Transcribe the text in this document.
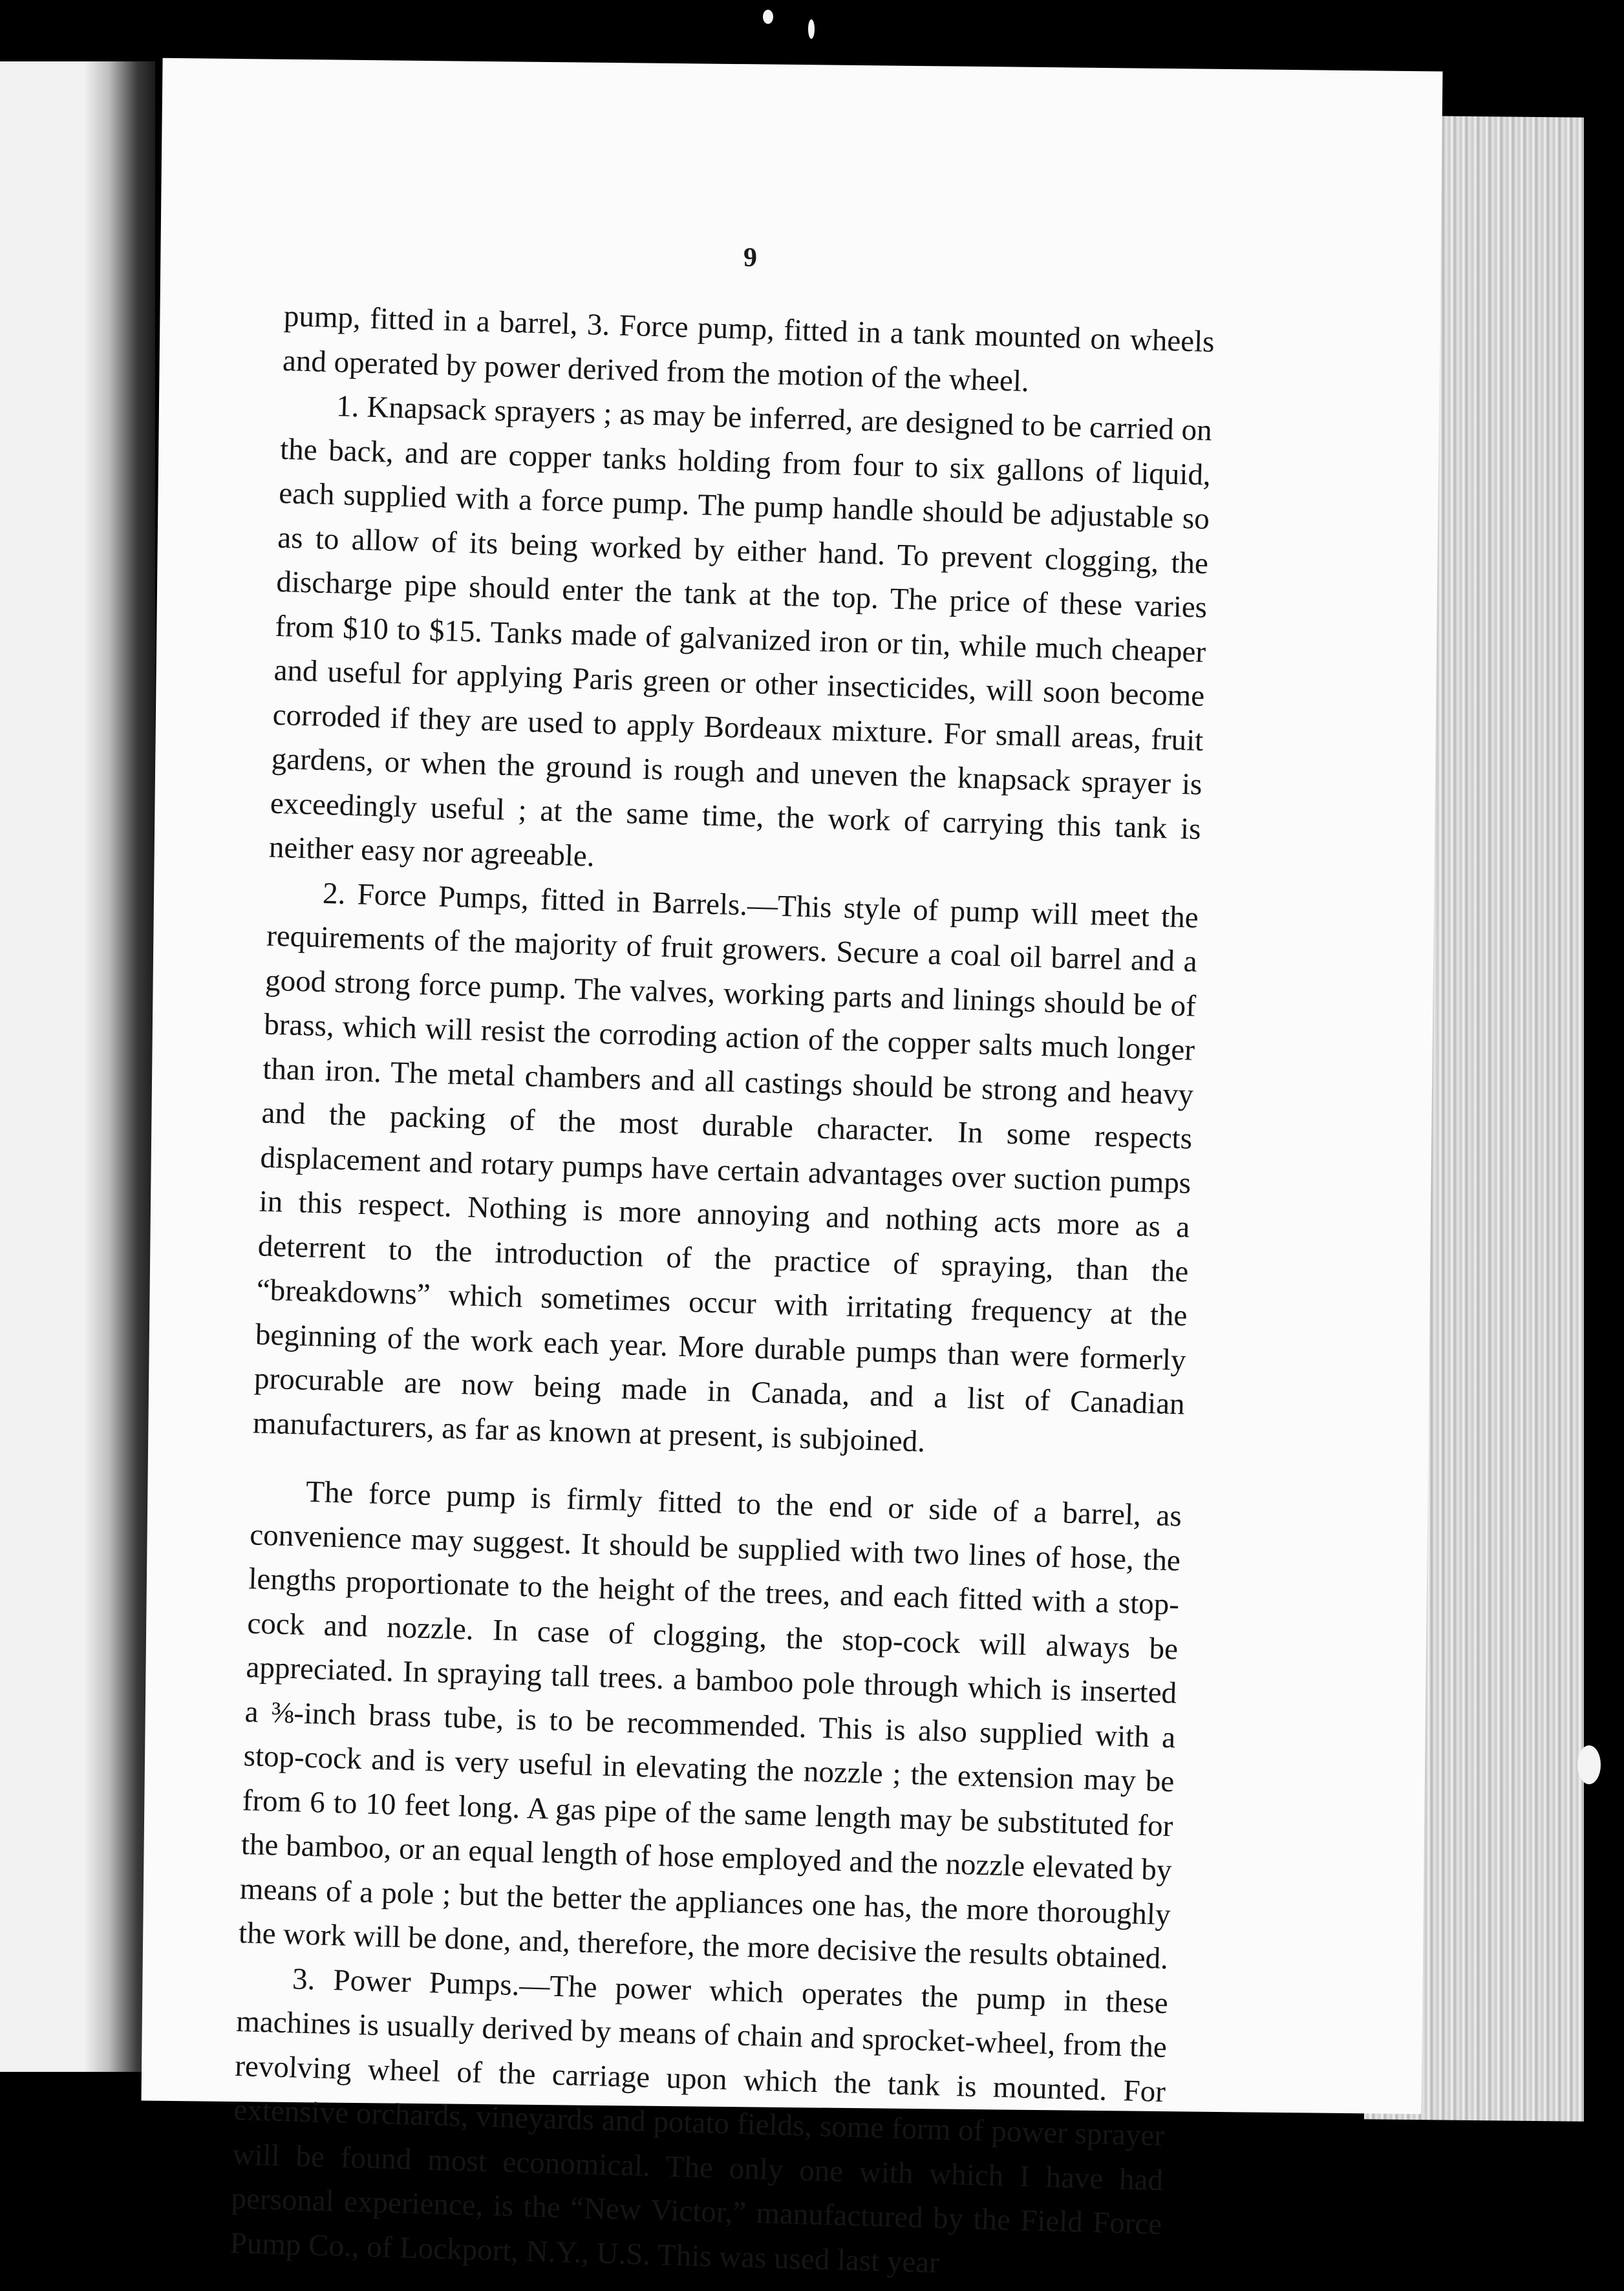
9

pump, fitted in a barrel, 3. Force pump, fitted in a tank mounted on wheels and operated by power derived from the motion of the wheel.

1. Knapsack sprayers ; as may be inferred, are designed to be carried on the back, and are copper tanks holding from four to six gallons of liquid, each supplied with a force pump. The pump handle should be adjustable so as to allow of its being worked by either hand. To prevent clogging, the discharge pipe should enter the tank at the top. The price of these varies from $10 to $15. Tanks made of galvanized iron or tin, while much cheaper and useful for applying Paris green or other insecticides, will soon become corroded if they are used to apply Bordeaux mixture. For small areas, fruit gardens, or when the ground is rough and uneven the knapsack sprayer is exceedingly useful ; at the same time, the work of carrying this tank is neither easy nor agreeable.

2. Force Pumps, fitted in Barrels.—This style of pump will meet the requirements of the majority of fruit growers. Secure a coal oil barrel and a good strong force pump. The valves, working parts and linings should be of brass, which will resist the corroding action of the copper salts much longer than iron. The metal chambers and all castings should be strong and heavy and the packing of the most durable character. In some respects displacement and rotary pumps have certain advantages over suction pumps in this respect. Nothing is more annoying and nothing acts more as a deterrent to the introduction of the practice of spraying, than the “breakdowns” which sometimes occur with irritating frequency at the beginning of the work each year. More durable pumps than were formerly procurable are now being made in Canada, and a list of Canadian manufacturers, as far as known at present, is subjoined.

The force pump is firmly fitted to the end or side of a barrel, as convenience may suggest. It should be supplied with two lines of hose, the lengths proportionate to the height of the trees, and each fitted with a stop-cock and nozzle. In case of clogging, the stop-cock will always be appreciated. In spraying tall trees. a bamboo pole through which is inserted a ⅜-inch brass tube, is to be recommended. This is also supplied with a stop-cock and is very useful in elevating the nozzle ; the extension may be from 6 to 10 feet long. A gas pipe of the same length may be substituted for the bamboo, or an equal length of hose employed and the nozzle elevated by means of a pole ; but the better the appliances one has, the more thoroughly the work will be done, and, therefore, the more decisive the results obtained.

3. Power Pumps.—The power which operates the pump in these machines is usually derived by means of chain and sprocket-wheel, from the revolving wheel of the carriage upon which the tank is mounted. For extensive orchards, vineyards and potato fields, some form of power sprayer will be found most economical. The only one with which I have had personal experience, is the “New Victor,” manufactured by the Field Force Pump Co., of Lockport, N.Y., U.S. This was used last year
